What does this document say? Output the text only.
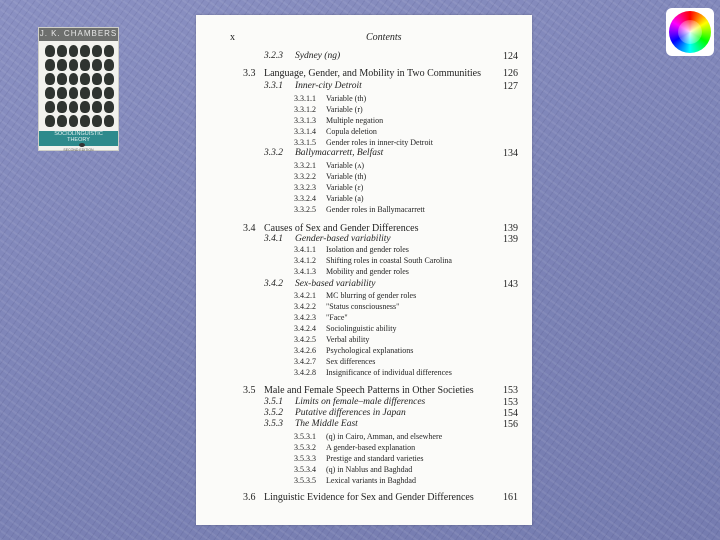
J. K. CHAMBERS
SOCIOLINGUISTIC
THEORY
SECOND EDITION
x	Contents
3.2.3 Sydney (ng)	124
3.3 Language, Gender, and Mobility in Two Communities 126
3.3.1 Inner-city Detroit	127
3.3.1.1 Variable (th)
3.3.1.2 Variable (r)
3.3.1.3 Multiple negation
3.3.1.4 Copula deletion
3.3.1.5 Gender roles in inner-city Detroit
3.3.2 Ballymacarrett, Belfast	134
3.3.2.1 Variable (ʌ)
3.3.2.2 Variable (th)
3.3.2.3 Variable (ε)
3.3.2.4 Variable (a)
3.3.2.5 Gender roles in Ballymacarrett
3.4 Causes of Sex and Gender Differences	139
3.4.1 Gender-based variability	139
3.4.1.1 Isolation and gender roles
3.4.1.2 Shifting roles in coastal South Carolina
3.4.1.3 Mobility and gender roles
3.4.2 Sex-based variability	143
3.4.2.1 MC blurring of gender roles
3.4.2.2 "Status consciousness"
3.4.2.3 "Face"
3.4.2.4 Sociolinguistic ability
3.4.2.5 Verbal ability
3.4.2.6 Psychological explanations
3.4.2.7 Sex differences
3.4.2.8 Insignificance of individual differences
3.5 Male and Female Speech Patterns in Other Societies	153
3.5.1 Limits on female–male differences	153
3.5.2 Putative differences in Japan	154
3.5.3 The Middle East	156
3.5.3.1 (q) in Cairo, Amman, and elsewhere
3.5.3.2 A gender-based explanation
3.5.3.3 Prestige and standard varieties
3.5.3.4 (q) in Nablus and Baghdad
3.5.3.5 Lexical variants in Baghdad
3.6 Linguistic Evidence for Sex and Gender Differences	161
